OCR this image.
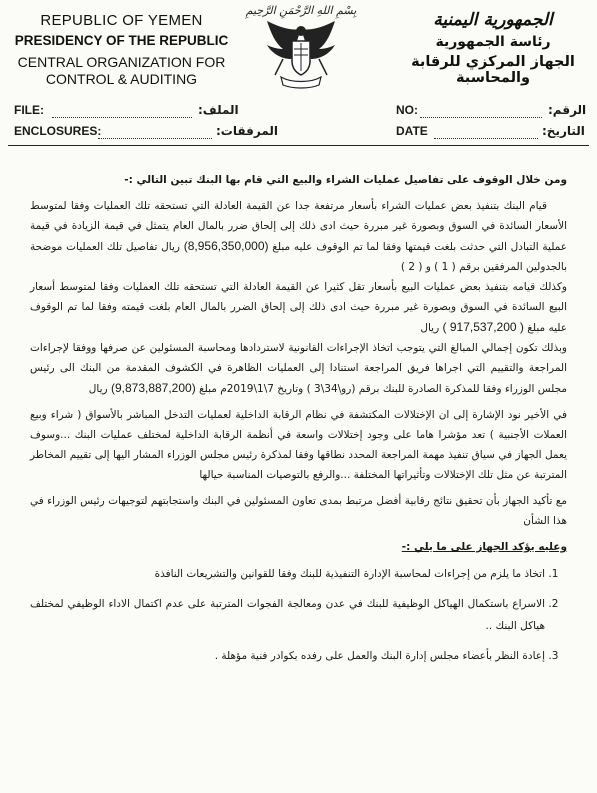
REPUBLIC OF YEMEN
PRESIDENCY OF THE REPUBLIC
CENTRAL ORGANIZATION FOR
CONTROL & AUDITING
بِسْمِ اللهِ الرَّحْمَنِ الرَّحِيمِ	الجمهورية اليمنية
رئاسة الجمهورية
الجهاز المركزي للرقابة والمحاسبة
FILE:	الملف:	NO:	الرقم:
ENCLOSURES:	المرفقات:	DATE	التاريخ:

ومن خلال الوقوف على تفاصيل عمليات الشراء والبيع التي قام بها البنك تبين التالي :-

قيام البنك بتنفيذ بعض عمليات الشراء بأسعار مرتفعة جدا عن القيمة العادلة التي تستحقه تلك العمليات وفقا لمتوسط الأسعار السائدة في السوق وبصورة غير مبررة حيث ادى ذلك إلى إلحاق ضرر بالمال العام يتمثل في قيمة الزيادة في قيمة عملية التبادل التي حدثت بلغت قيمتها وفقا لما تم الوقوف عليه مبلغ (8,956,350,000) ريال تفاصيل تلك العمليات موضحة بالجدولين المرفقين برقم ( 1 ) و ( 2 )

وكذلك قيامه بتنفيذ بعض عمليات البيع بأسعار تقل كثيرا عن القيمة العادلة التي تستحقه تلك العمليات وفقا لمتوسط أسعار البيع السائدة في السوق وبصورة غير مبررة حيث ادى ذلك إلى إلحاق الضرر بالمال العام بلغت قيمته وفقا لما تم الوقوف عليه مبلغ ( 917,537,200 ) ريال

وبذلك تكون إجمالي المبالغ التي يتوجب اتخاذ الإجراءات القانونية لاستردادها ومحاسبة المسئولين عن صرفها ووفقا لإجراءات المراجعة والتقييم التي اجراها فريق المراجعة استنادا إلى العمليات الظاهرة في الكشوف المقدمة من البنك الى رئيس مجلس الوزراء وفقا للمذكرة الصادرة للبنك برقم (رو\34\3 ) وتاريخ 7\1\2019م مبلغ (9,873,887,200) ريال

في الأخير نود الإشارة إلى ان الإختلالات المكتشفة في نظام الرقابة الداخلية لعمليات التدخل المباشر بالأسواق ( شراء وبيع العملات الأجنبية ) تعد مؤشرا هاما على وجود إختلالات واسعة في أنظمة الرقابة الداخلية لمختلف عمليات البنك ...وسوف يعمل الجهاز في سياق تنفيذ مهمة المراجعة المحدد نطاقها وفقا لمذكرة رئيس مجلس الوزراء المشار اليها إلى تقييم المخاطر المترتبة عن مثل تلك الإختلالات وتأثيراتها المختلفة ...والرفع بالتوصيات المناسبة حيالها

مع تأكيد الجهاز بأن تحقيق نتائج رقابية أفضل مرتبط بمدى تعاون المسئولين في البنك واستجابتهم لتوجيهات رئيس الوزراء في هذا الشأن

وعليه يؤكد الجهاز على ما يلي :-

1. اتخاذ ما يلزم من إجراءات لمحاسبة الإدارة التنفيذية للبنك وفقا للقوانين والتشريعات النافذة
2. الاسراع باستكمال الهياكل الوظيفية للبنك في عدن ومعالجة الفجوات المترتبة على عدم اكتمال الاداء الوظيفي لمختلف هياكل البنك ..
3. إعادة النظر بأعضاء مجلس إدارة البنك والعمل على رفده بكوادر فنية مؤهلة .
